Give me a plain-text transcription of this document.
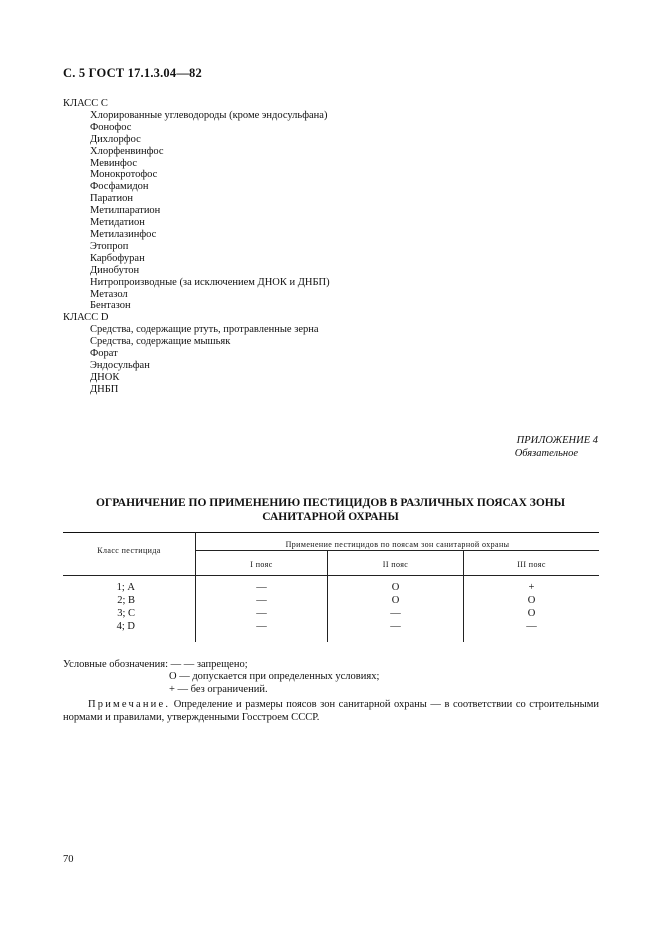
С. 5 ГОСТ 17.1.3.04—82
КЛАСС С
Хлорированные углеводороды (кроме эндосульфана)
Фонофос
Дихлорфос
Хлорфенвинфос
Мевинфос
Монокротофос
Фосфамидон
Паратион
Метилпаратион
Метидатион
Метилазинфос
Этопроп
Карбофуран
Динобутон
Нитропроизводные (за исключением ДНОК и ДНБП)
Метазол
Бентазон
КЛАСС D
Средства, содержащие ртуть, протравленные зерна
Средства, содержащие мышьяк
Форат
Эндосульфан
ДНОК
ДНБП
ПРИЛОЖЕНИЕ 4
Обязательное
ОГРАНИЧЕНИЕ ПО ПРИМЕНЕНИЮ ПЕСТИЦИДОВ В РАЗЛИЧНЫХ ПОЯСАХ ЗОНЫ
САНИТАРНОЙ ОХРАНЫ
Класс пестицида
Применение пестицидов по поясам зон санитарной охраны
I пояс	II пояс	III пояс
1; А	—	О	+
2; В	—	О	О
3; С	—	—	О
4; D	—	—	—
Условные обозначения: — — запрещено;
О — допускается при определенных условиях;
+ — без ограничений.
Примечание. Определение и размеры поясов зон санитарной охраны — в соответствии со строительными нормами и правилами, утвержденными Госстроем СССР.
70
